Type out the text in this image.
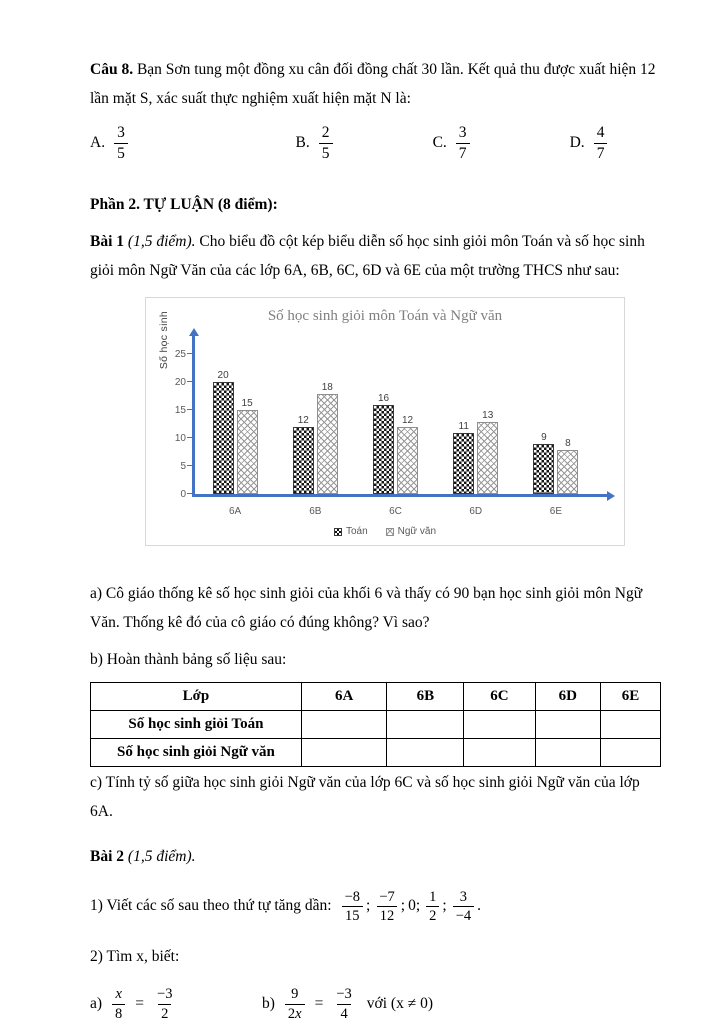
Câu 8. Bạn Sơn tung một đồng xu cân đối đồng chất 30 lần. Kết quả thu được xuất hiện 12 lần mặt S, xác suất thực nghiệm xuất hiện mặt N là:

A. $\frac{3}{5}$	B. $\frac{2}{5}$	C. $\frac{3}{7}$	D. $\frac{4}{7}$

Phần 2. TỰ LUẬN (8 điểm):

Bài 1 (1,5 điểm). Cho biểu đồ cột kép biểu diễn số học sinh giỏi môn Toán và số học sinh giỏi môn Ngữ Văn của các lớp 6A, 6B, 6C, 6D và 6E của một trường THCS như sau:

Số học sinh giỏi môn Toán và Ngữ văn
Số học sinh
20
15
12
18
16
12
11
13
9
8
6A	6B	6C	6D	6E
0
5
10
15
20
25
Toán	Ngữ văn

a) Cô giáo thống kê số học sinh giỏi của khối 6 và thấy có 90 bạn học sinh giỏi môn Ngữ Văn. Thống kê đó của cô giáo có đúng không? Vì sao?

b) Hoàn thành bảng số liệu sau:

Lớp	6A	6B	6C	6D	6E
Số học sinh giỏi Toán					
Số học sinh giỏi Ngữ văn					

c) Tính tỷ số giữa học sinh giỏi Ngữ văn của lớp 6C và số học sinh giỏi Ngữ văn của lớp 6A.

Bài 2 (1,5 điểm).

1) Viết các số sau theo thứ tự tăng dần: $\frac{-8}{15}$ ; $\frac{-7}{12}$ ; 0 ; $\frac{1}{2}$ ; $\frac{3}{-4}$ .

2) Tìm x, biết:

$a) \frac{x}{8} = \frac{-3}{2}$	$b) \frac{9}{2x} = \frac{-3}{4}$ với (x ≠ 0)
